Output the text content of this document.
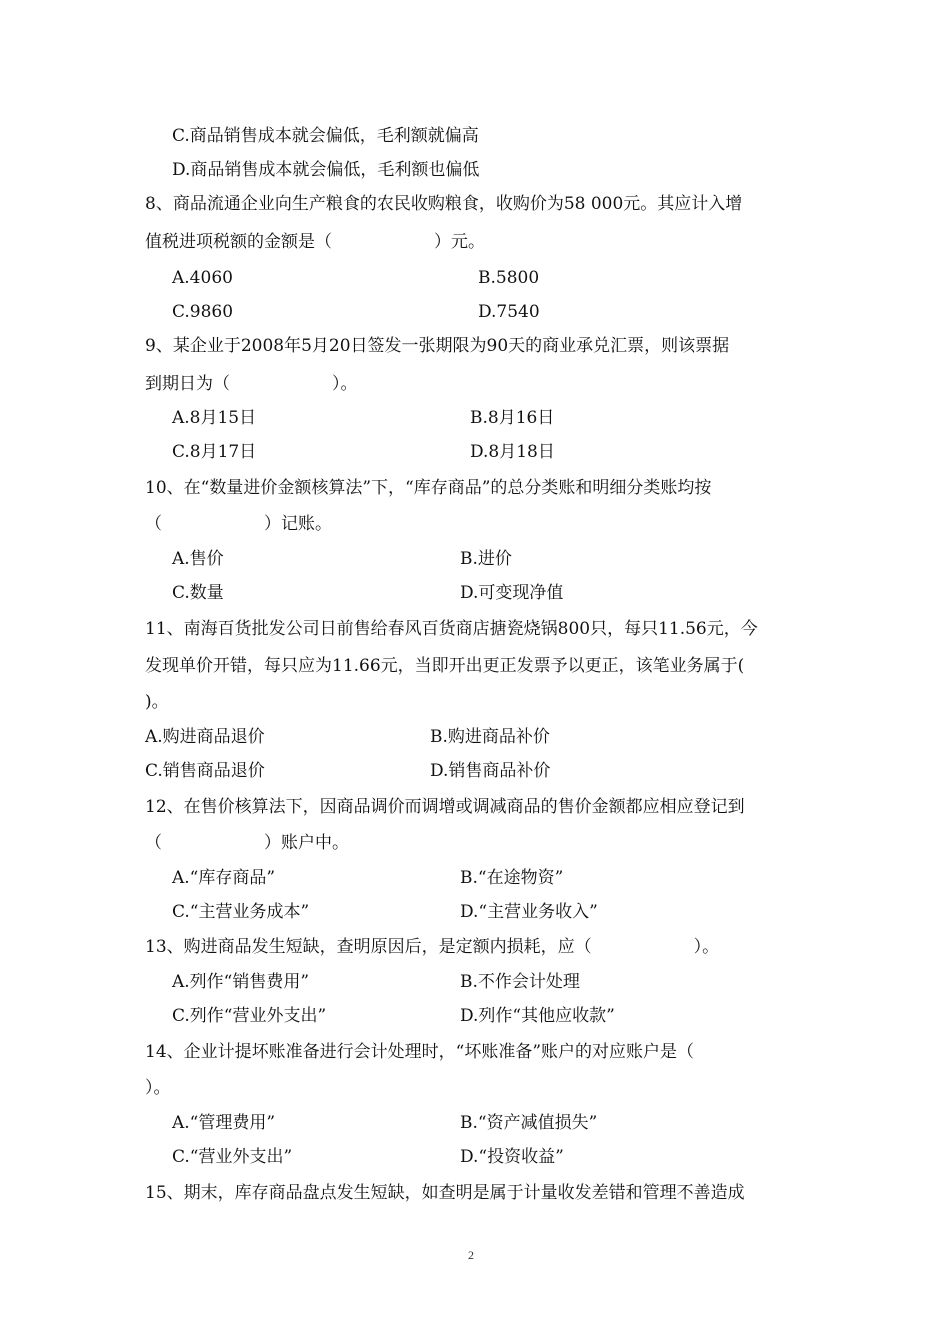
C.商品销售成本就会偏低，毛利额就偏高
D.商品销售成本就会偏低，毛利额也偏低
8、商品流通企业向生产粮食的农民收购粮食，收购价为58 000元。其应计入增
值税进项税额的金额是（　　　　　　）元。
A.4060	B.5800
C.9860	D.7540
9、某企业于2008年5月20日签发一张期限为90天的商业承兑汇票，则该票据
到期日为（　　　　　　）。
A.8月15日	B.8月16日
C.8月17日	D.8月18日
10、在“数量进价金额核算法”下，“库存商品”的总分类账和明细分类账均按
（　　　　　　）记账。
A.售价	B.进价
C.数量	D.可变现净值
11、南海百货批发公司日前售给春风百货商店搪瓷烧锅800只，每只11.56元，今
发现单价开错，每只应为11.66元，当即开出更正发票予以更正，该笔业务属于(
)。
A.购进商品退价	B.购进商品补价
C.销售商品退价	D.销售商品补价
12、在售价核算法下，因商品调价而调增或调减商品的售价金额都应相应登记到
（　　　　　　）账户中。
A.“库存商品”	B.“在途物资”
C.“主营业务成本”	D.“主营业务收入”
13、购进商品发生短缺，查明原因后，是定额内损耗，应（　　　　　　）。
A.列作“销售费用”	B.不作会计处理
C.列作“营业外支出”	D.列作“其他应收款”
14、企业计提坏账准备进行会计处理时，“坏账准备”账户的对应账户是（
）。
A.“管理费用”	B.“资产减值损失”
C.“营业外支出”	D.“投资收益”
15、期末，库存商品盘点发生短缺，如查明是属于计量收发差错和管理不善造成
2
